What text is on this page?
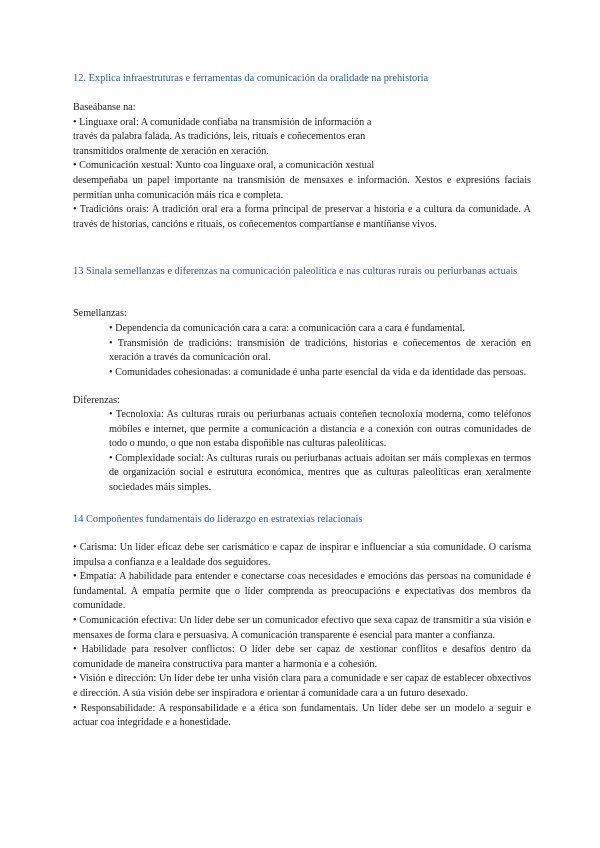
12. Explica infraestruturas e ferramentas da comunicación da oralidade na prehistoria
Baseábanse na:
• Linguaxe oral: A comunidade confiaba na transmisión de información a
través da palabra falada. As tradicións, leis, rituais e coñecementos eran
transmitidos oralmente de xeración en xeración.
• Comunicación xestual: Xunto coa linguaxe oral, a comunicación xestual

desempeñaba un papel importante na transmisión de mensaxes e información. Xestos e expresións faciais permitían unha comunicación máis rica e completa.

• Tradicións orais: A tradición oral era a forma principal de preservar a historia e a cultura da comunidade. A través de historias, cancións e rituais, os coñecementos compartíanse e mantíñanse vivos.

13 Sinala semellanzas e diferenzas na comunicación paleolítica e nas culturas rurais ou periurbanas actuais
Semellanzas:

• Dependencia da comunicación cara a cara: a comunicación cara a cara é fundamental.

• Transmisión de tradicións: transmisión de tradicións, historias e coñecementos de xeración en xeración a través da comunicación oral.

• Comunidades cohesionadas: a comunidade é unha parte esencial da vida e da identidade das persoas.

Diferenzas:

• Tecnoloxía: As culturas rurais ou periurbanas actuais conteñen tecnoloxía moderna, como teléfonos móbiles e internet, que permite a comunicación a distancia e a conexión con outras comunidades de todo o mundo, o que non estaba dispoñible nas culturas paleolíticas.

• Complexidade social: As culturas rurais ou periurbanas actuais adoitan ser máis complexas en termos de organización social e estrutura económica, mentres que as culturas paleolíticas eran xeralmente sociedades máis simples.

14 Compoñentes fundamentais do liderazgo en estratexias relacionais

• Carisma: Un líder eficaz debe ser carismático e capaz de inspirar e influenciar a súa comunidade. O carisma impulsa a confianza e a lealdade dos seguidores.

• Empatía: A habilidade para entender e conectarse coas necesidades e emocións das persoas na comunidade é fundamental. A empatía permite que o líder comprenda as preocupacións e expectativas dos membros da comunidade.

• Comunicación efectiva: Un líder debe ser un comunicador efectivo que sexa capaz de transmitir a súa visión e mensaxes de forma clara e persuasiva. A comunicación transparente é esencial para manter a confianza.

• Habilidade para resolver conflictos: O líder debe ser capaz de xestionar conflitos e desafíos dentro da comunidade de maneira constructiva para manter a harmonía e a cohesión.

• Visión e dirección: Un líder debe ter unha visión clara para a comunidade e ser capaz de establecer obxectivos e dirección. A súa visión debe ser inspiradora e orientar á comunidade cara a un futuro desexado.

• Responsabilidade: A responsabilidade e a ética son fundamentais. Un líder debe ser un modelo a seguir e actuar coa integridade e a honestidade.
